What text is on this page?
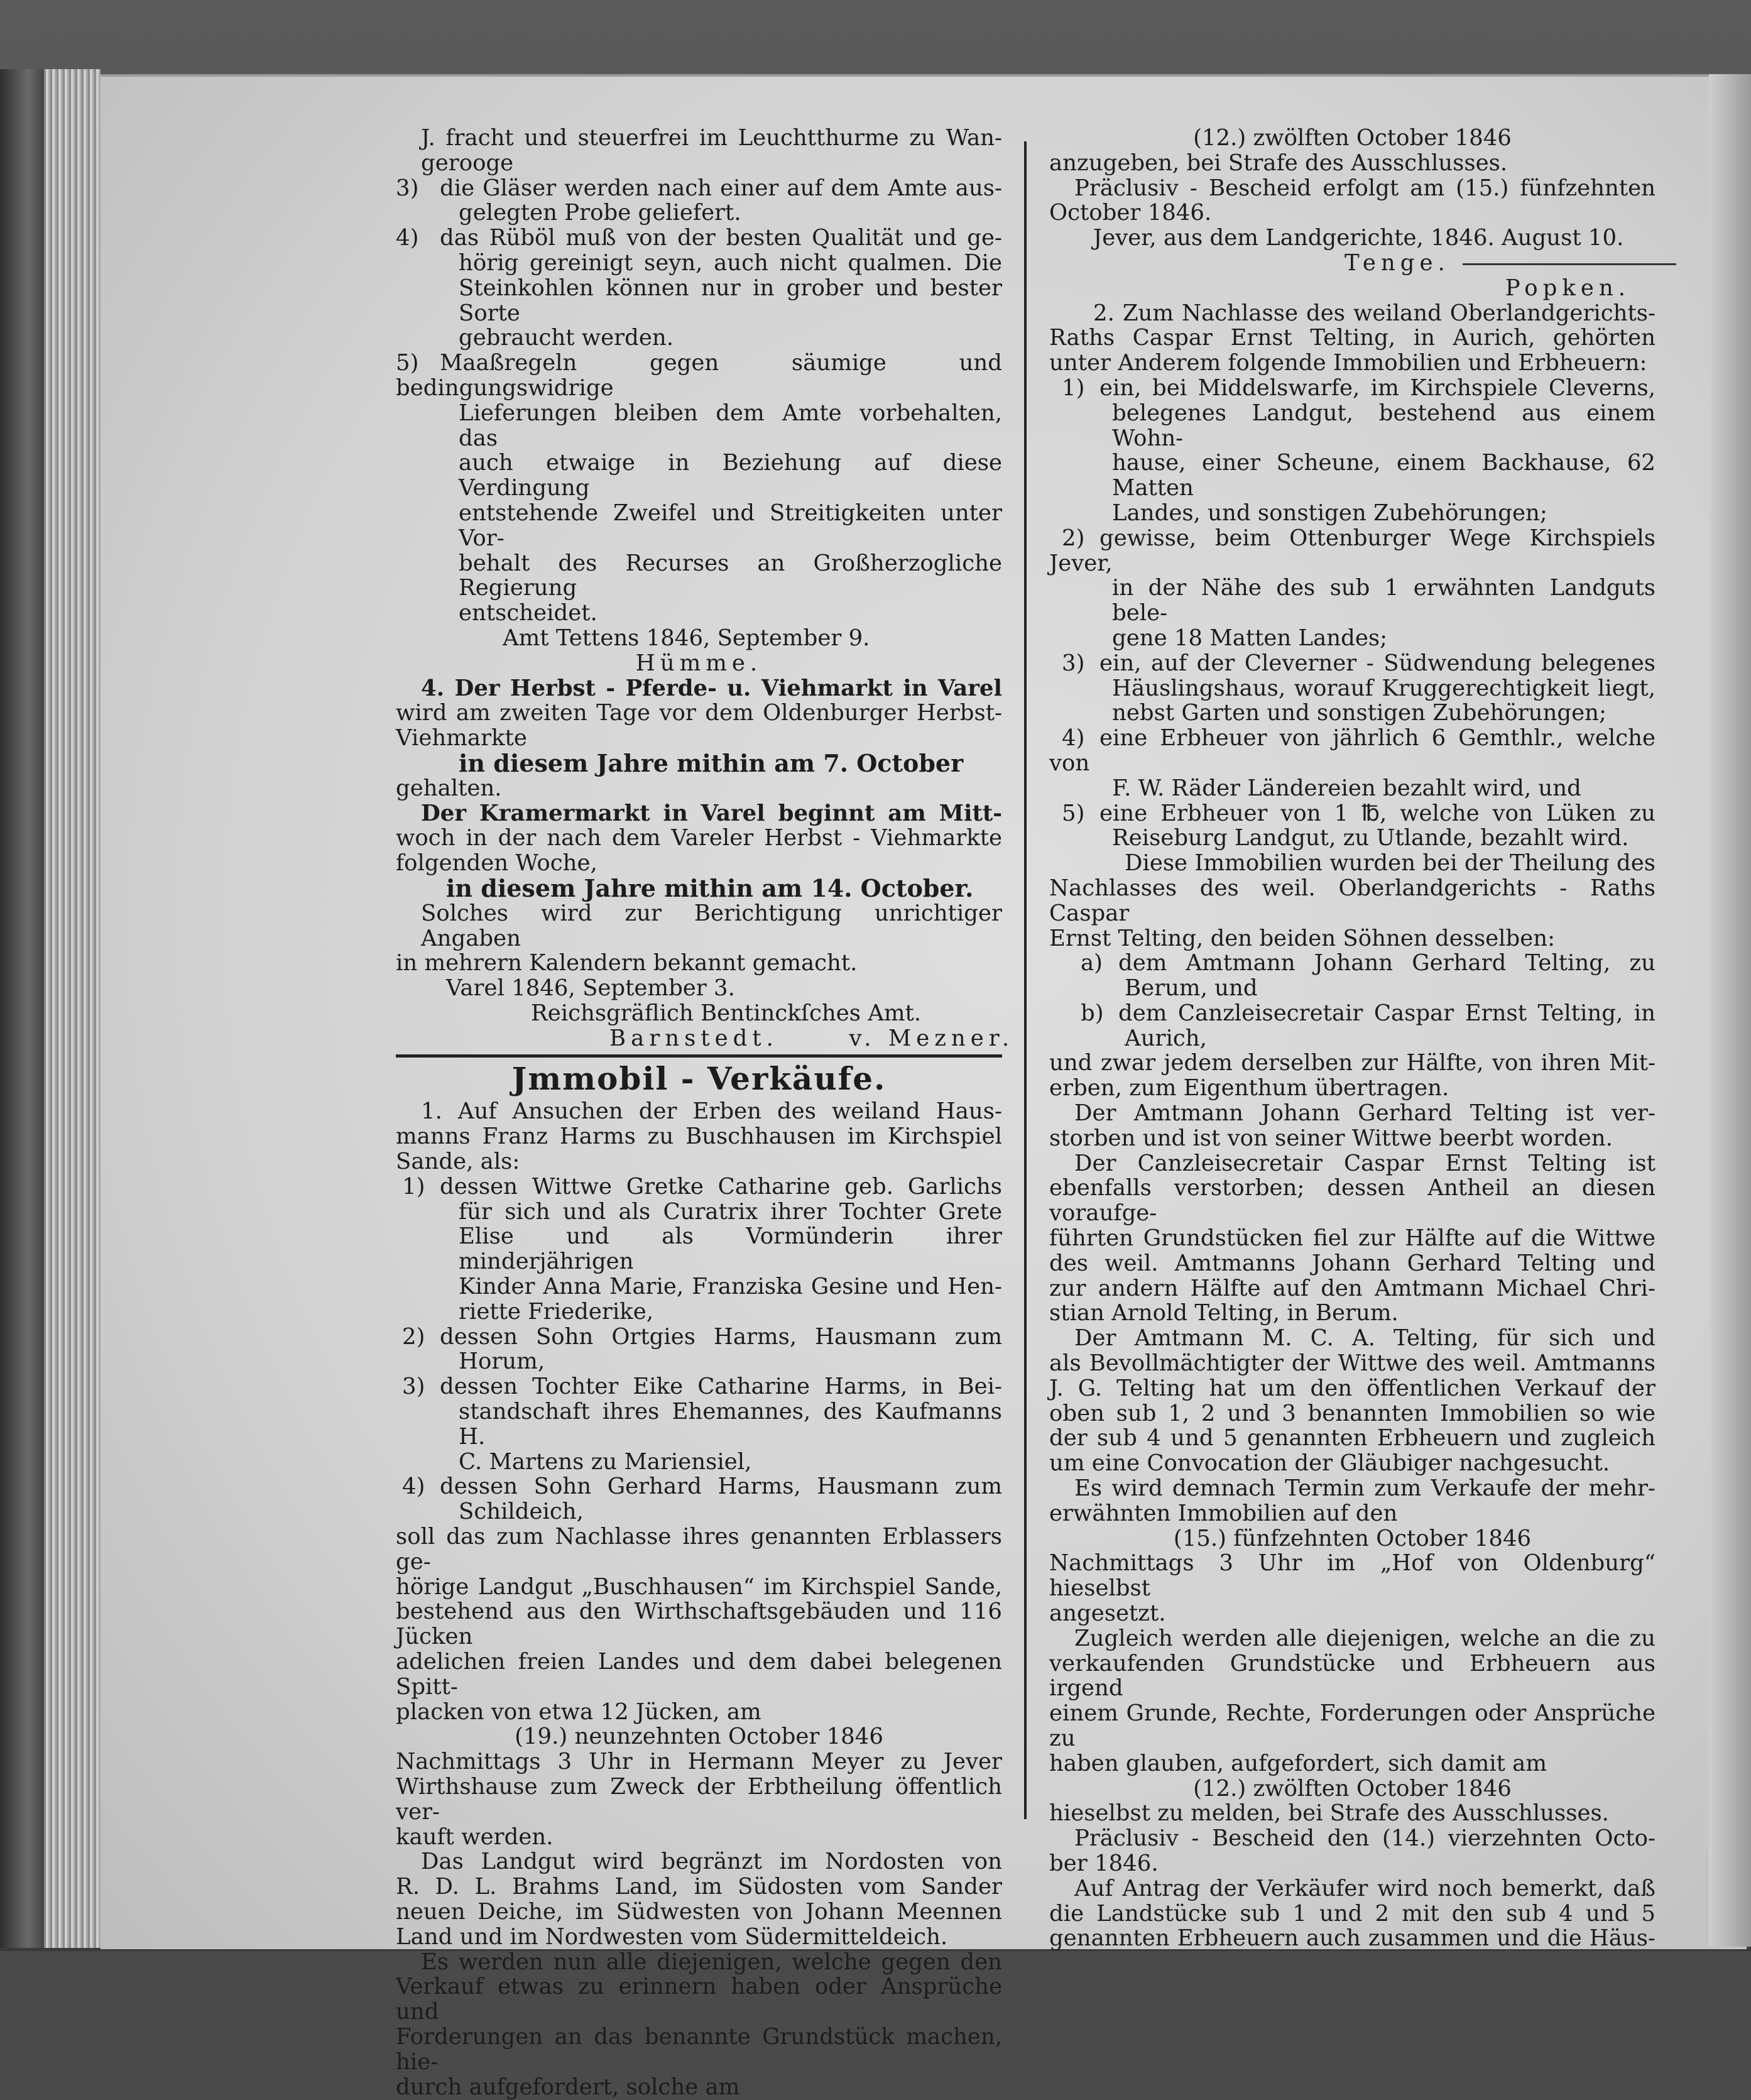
J. fracht und steuerfrei im Leuchtthurme zu Wan-
gerooge
3) die Gläser werden nach einer auf dem Amte aus-
gelegten Probe geliefert.
4) das Rüböl muß von der besten Qualität und ge-
hörig gereinigt seyn, auch nicht qualmen. Die
Steinkohlen können nur in grober und bester Sorte
gebraucht werden.
5) Maaßregeln gegen säumige und bedingungswidrige
Lieferungen bleiben dem Amte vorbehalten, das
auch etwaige in Beziehung auf diese Verdingung
entstehende Zweifel und Streitigkeiten unter Vor-
behalt des Recurses an Großherzogliche Regierung
entscheidet.
Amt Tettens 1846, September 9.
Hümme.
4. Der Herbst - Pferde- u. Viehmarkt in Varel
wird am zweiten Tage vor dem Oldenburger Herbst-
Viehmarkte
in diesem Jahre mithin am 7. October
gehalten.
Der Kramermarkt in Varel beginnt am Mitt-
woch in der nach dem Vareler Herbst - Viehmarkte
folgenden Woche,
in diesem Jahre mithin am 14. October.
Solches wird zur Berichtigung unrichtiger Angaben
in mehrern Kalendern bekannt gemacht.
Varel 1846, September 3.
Reichsgräflich Bentinckſches Amt.
Barnstedt.	v. Mezner.
Jmmobil - Verkäufe.
1. Auf Ansuchen der Erben des weiland Haus-
manns Franz Harms zu Buschhausen im Kirchspiel
Sande, als:
1) dessen Wittwe Gretke Catharine geb. Garlichs
für sich und als Curatrix ihrer Tochter Grete
Elise und als Vormünderin ihrer minderjährigen
Kinder Anna Marie, Franziska Gesine und Hen-
riette Friederike,
2) dessen Sohn Ortgies Harms, Hausmann zum
Horum,
3) dessen Tochter Eike Catharine Harms, in Bei-
standschaft ihres Ehemannes, des Kaufmanns H.
C. Martens zu Mariensiel,
4) dessen Sohn Gerhard Harms, Hausmann zum
Schildeich,
soll das zum Nachlasse ihres genannten Erblassers ge-
hörige Landgut „Buschhausen“ im Kirchspiel Sande,
bestehend aus den Wirthschaftsgebäuden und 116 Jücken
adelichen freien Landes und dem dabei belegenen Spitt-
placken von etwa 12 Jücken, am
(19.) neunzehnten October 1846
Nachmittags 3 Uhr in Hermann Meyer zu Jever
Wirthshause zum Zweck der Erbtheilung öffentlich ver-
kauft werden.
Das Landgut wird begränzt im Nordosten von
R. D. L. Brahms Land, im Südosten vom Sander
neuen Deiche, im Südwesten von Johann Meennen
Land und im Nordwesten vom Südermitteldeich.
Es werden nun alle diejenigen, welche gegen den
Verkauf etwas zu erinnern haben oder Ansprüche und
Forderungen an das benannte Grundstück machen, hie-
durch aufgefordert, solche am
(12.) zwölften October 1846
anzugeben, bei Strafe des Ausschlusses.
Präclusiv - Bescheid erfolgt am (15.) fünfzehnten
October 1846.
Jever, aus dem Landgerichte, 1846. August 10.
Tenge.
Popken.
2. Zum Nachlasse des weiland Oberlandgerichts-
Raths Caspar Ernst Telting, in Aurich, gehörten
unter Anderem folgende Immobilien und Erbheuern:
1) ein, bei Middelswarfe, im Kirchspiele Cleverns,
belegenes Landgut, bestehend aus einem Wohn-
hause, einer Scheune, einem Backhause, 62 Matten
Landes, und sonstigen Zubehörungen;
2) gewisse, beim Ottenburger Wege Kirchspiels Jever,
in der Nähe des sub 1 erwähnten Landguts bele-
gene 18 Matten Landes;
3) ein, auf der Cleverner - Südwendung belegenes
Häuslingshaus, worauf Kruggerechtigkeit liegt,
nebst Garten und sonstigen Zubehörungen;
4) eine Erbheuer von jährlich 6 Gemthlr., welche von
F. W. Räder Ländereien bezahlt wird, und
5) eine Erbheuer von 1 ℔, welche von Lüken zu
Reiseburg Landgut, zu Utlande, bezahlt wird.
Diese Immobilien wurden bei der Theilung des
Nachlasses des weil. Oberlandgerichts - Raths Caspar
Ernst Telting, den beiden Söhnen desselben:
a) dem Amtmann Johann Gerhard Telting, zu
Berum, und
b) dem Canzleisecretair Caspar Ernst Telting, in
Aurich,
und zwar jedem derselben zur Hälfte, von ihren Mit-
erben, zum Eigenthum übertragen.
Der Amtmann Johann Gerhard Telting ist ver-
storben und ist von seiner Wittwe beerbt worden.
Der Canzleisecretair Caspar Ernst Telting ist
ebenfalls verstorben; dessen Antheil an diesen voraufge-
führten Grundstücken fiel zur Hälfte auf die Wittwe
des weil. Amtmanns Johann Gerhard Telting und
zur andern Hälfte auf den Amtmann Michael Chri-
stian Arnold Telting, in Berum.
Der Amtmann M. C. A. Telting, für sich und
als Bevollmächtigter der Wittwe des weil. Amtmanns
J. G. Telting hat um den öffentlichen Verkauf der
oben sub 1, 2 und 3 benannten Immobilien so wie
der sub 4 und 5 genannten Erbheuern und zugleich
um eine Convocation der Gläubiger nachgesucht.
Es wird demnach Termin zum Verkaufe der mehr-
erwähnten Immobilien auf den
(15.) fünfzehnten October 1846
Nachmittags 3 Uhr im „Hof von Oldenburg“ hieselbst
angesetzt.
Zugleich werden alle diejenigen, welche an die zu
verkaufenden Grundstücke und Erbheuern aus irgend
einem Grunde, Rechte, Forderungen oder Ansprüche zu
haben glauben, aufgefordert, sich damit am
(12.) zwölften October 1846
hieselbst zu melden, bei Strafe des Ausschlusses.
Präclusiv - Bescheid den (14.) vierzehnten Octo-
ber 1846.
Auf Antrag der Verkäufer wird noch bemerkt, daß
die Landstücke sub 1 und 2 mit den sub 4 und 5
genannten Erbheuern auch zusammen und die Häus-
